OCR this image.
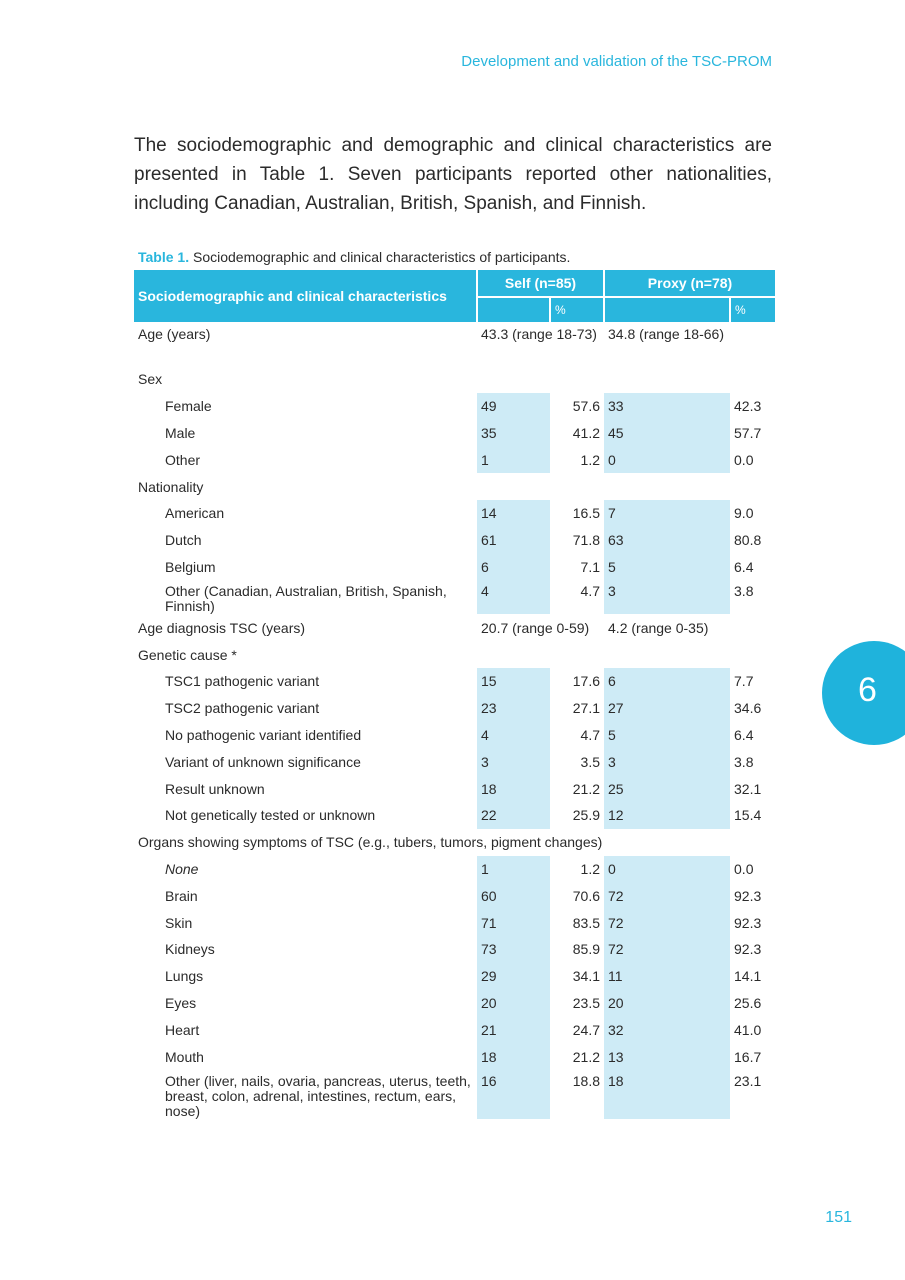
Development and validation of the TSC-PROM

The sociodemographic and demographic and clinical characteristics are presented in Table 1. Seven participants reported other nationalities, including Canadian, Australian, British, Spanish, and Finnish.

Table 1. Sociodemographic and clinical characteristics of participants.
Sociodemographic and clinical characteristics	Self (n=85)		Proxy (n=78)	
		%		%
Age (years)	43.3 (range 18-73)		34.8 (range 18-66)	
Sex				
Female	49	57.6	33	42.3
Male	35	41.2	45	57.7
Other	1	1.2	0	0.0
Nationality				
American	14	16.5	7	9.0
Dutch	61	71.8	63	80.8
Belgium	6	7.1	5	6.4
Other (Canadian, Australian, British, Spanish, Finnish)	4	4.7	3	3.8
Age diagnosis TSC (years)	20.7 (range 0-59)		4.2 (range 0-35)	
Genetic cause *				
TSC1 pathogenic variant	15	17.6	6	7.7
TSC2 pathogenic variant	23	27.1	27	34.6
No pathogenic variant identified	4	4.7	5	6.4
Variant of unknown significance	3	3.5	3	3.8
Result unknown	18	21.2	25	32.1
Not genetically tested or unknown	22	25.9	12	15.4
Organs showing symptoms of TSC (e.g., tubers, tumors, pigment changes)				
None	1	1.2	0	0.0
Brain	60	70.6	72	92.3
Skin	71	83.5	72	92.3
Kidneys	73	85.9	72	92.3
Lungs	29	34.1	11	14.1
Eyes	20	23.5	20	25.6
Heart	21	24.7	32	41.0
Mouth	18	21.2	13	16.7
Other (liver, nails, ovaria, pancreas, uterus, teeth, breast, colon, adrenal, intestines, rectum, ears, nose)	16	18.8	18	23.1
6
151
